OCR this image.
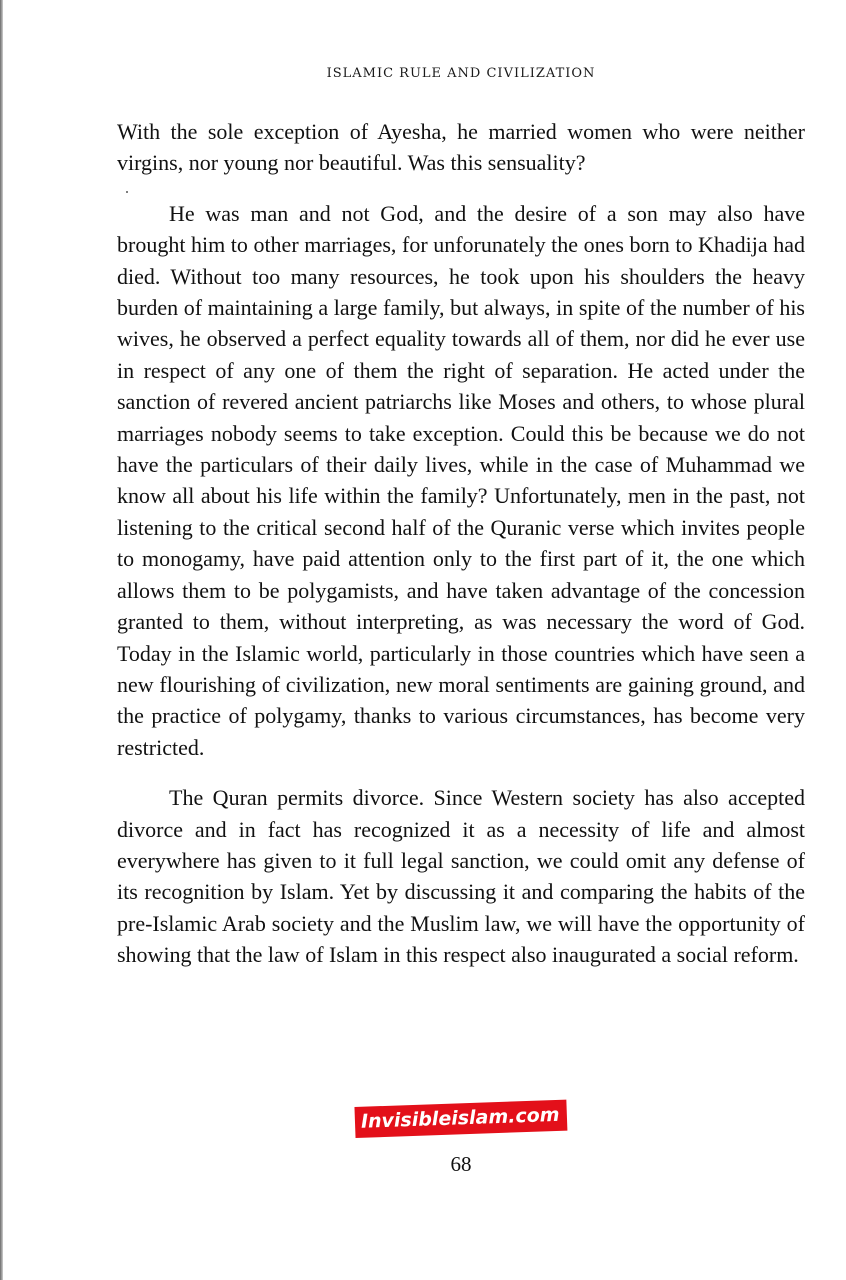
ISLAMIC RULE AND CIVILIZATION

With the sole exception of Ayesha, he married women who were neither virgins, nor young nor beautiful. Was this sensuality?

He was man and not God, and the desire of a son may also have brought him to other marriages, for unforunately the ones born to Khadija had died. Without too many resources, he took upon his shoulders the heavy burden of maintaining a large family, but always, in spite of the number of his wives, he observed a perfect equality towards all of them, nor did he ever use in respect of any one of them the right of separation. He acted under the sanction of revered ancient patriarchs like Moses and others, to whose plural marriages nobody seems to take exception. Could this be because we do not have the particulars of their daily lives, while in the case of Muhammad we know all about his life within the family? Unfortunately, men in the past, not listening to the critical second half of the Quranic verse which invites people to monogamy, have paid attention only to the first part of it, the one which allows them to be polygamists, and have taken advantage of the concession granted to them, without interpreting, as was necessary the word of God. Today in the Islamic world, particularly in those countries which have seen a new flourishing of civilization, new moral sentiments are gaining ground, and the practice of polygamy, thanks to various circumstances, has become very restricted.

The Quran permits divorce. Since Western society has also accepted divorce and in fact has recognized it as a necessity of life and almost everywhere has given to it full legal sanction, we could omit any defense of its recognition by Islam. Yet by discussing it and comparing the habits of the pre-Islamic Arab society and the Muslim law, we will have the opportunity of showing that the law of Islam in this respect also inaugurated a social reform.

Invisibleislam.com
68
